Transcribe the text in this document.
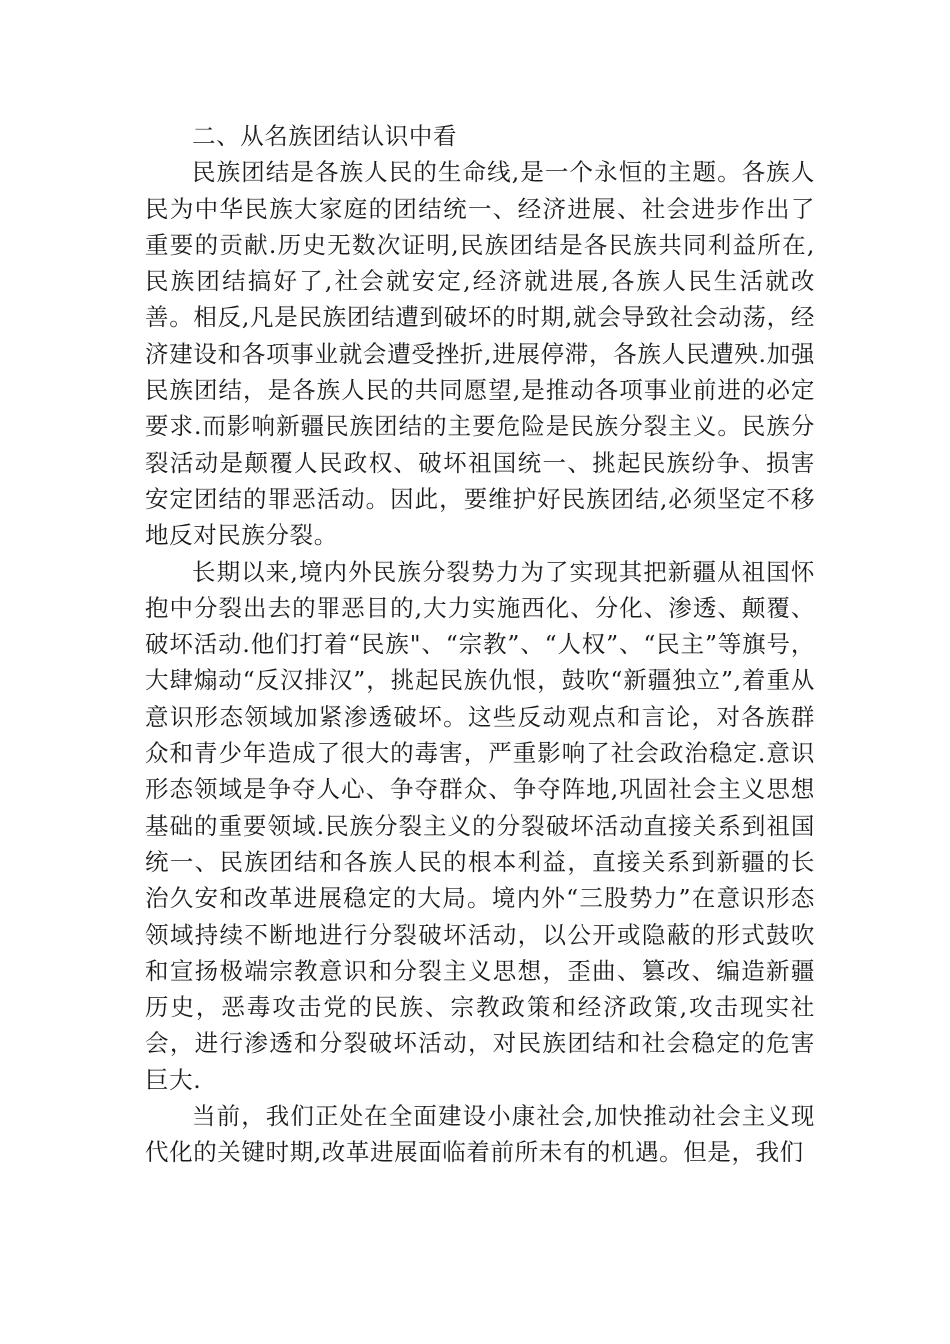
二、从名族团结认识中看

民族团结是各族人民的生命线,是一个永恒的主题。各族人民为中华民族大家庭的团结统一、经济进展、社会进步作出了重要的贡献.历史无数次证明,民族团结是各民族共同利益所在,民族团结搞好了,社会就安定,经济就进展,各族人民生活就改善。相反,凡是民族团结遭到破坏的时期,就会导致社会动荡，经济建设和各项事业就会遭受挫折,进展停滞，各族人民遭殃.加强民族团结，是各族人民的共同愿望,是推动各项事业前进的必定要求.而影响新疆民族团结的主要危险是民族分裂主义。民族分裂活动是颠覆人民政权、破坏祖国统一、挑起民族纷争、损害安定团结的罪恶活动。因此，要维护好民族团结,必须坚定不移地反对民族分裂。

长期以来,境内外民族分裂势力为了实现其把新疆从祖国怀抱中分裂出去的罪恶目的,大力实施西化、分化、渗透、颠覆、破坏活动.他们打着“民族"、“宗教”、“人权”、“民主”等旗号，大肆煽动“反汉排汉”，挑起民族仇恨，鼓吹“新疆独立”,着重从意识形态领域加紧渗透破坏。这些反动观点和言论，对各族群众和青少年造成了很大的毒害，严重影响了社会政治稳定.意识形态领域是争夺人心、争夺群众、争夺阵地,巩固社会主义思想基础的重要领域.民族分裂主义的分裂破坏活动直接关系到祖国统一、民族团结和各族人民的根本利益，直接关系到新疆的长治久安和改革进展稳定的大局。境内外“三股势力”在意识形态领域持续不断地进行分裂破坏活动，以公开或隐蔽的形式鼓吹和宣扬极端宗教意识和分裂主义思想，歪曲、篡改、编造新疆历史，恶毒攻击党的民族、宗教政策和经济政策,攻击现实社会，进行渗透和分裂破坏活动，对民族团结和社会稳定的危害巨大.

当前，我们正处在全面建设小康社会,加快推动社会主义现代化的关键时期,改革进展面临着前所未有的机遇。但是，我们
